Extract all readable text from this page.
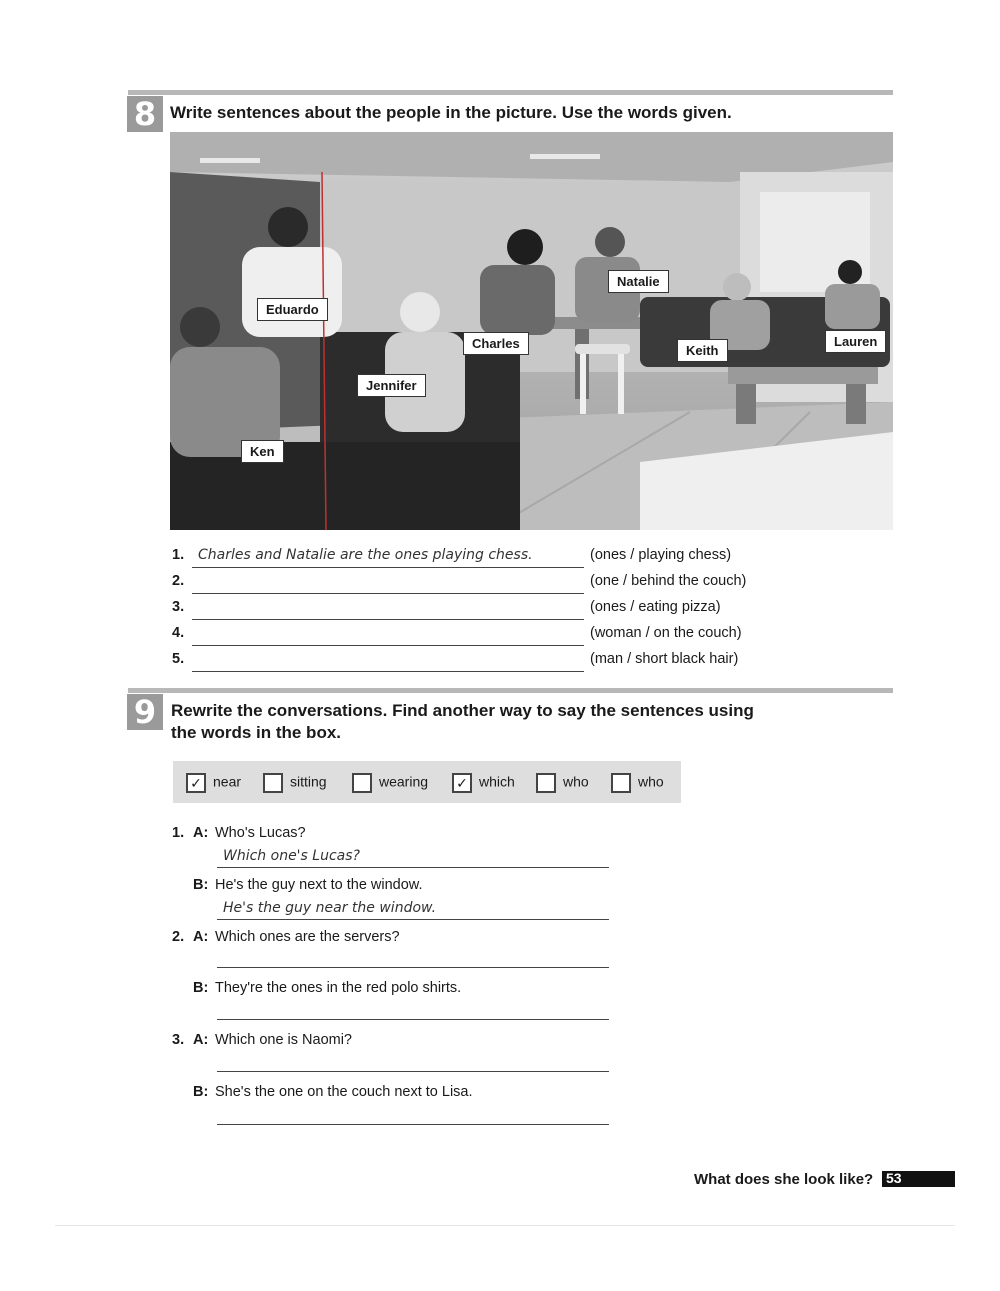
8 Write sentences about the people in the picture. Use the words given.
Eduardo
Natalie
Charles	Keith
Lauren
Jennifer
Ken
1. Charles and Natalie are the ones playing chess.	(ones / playing chess)
2.	(one / behind the couch)
3.	(ones / eating pizza)
4.	(woman / on the couch)
5.	(man / short black hair)
9 Rewrite the conversations. Find another way to say the sentences using
the words in the box.
✓ near	sitting	wearing ✓ which	who	who
1. A: Who's Lucas?
Which one's Lucas?
B: He's the guy next to the window.
He's the guy near the window.
2. A: Which ones are the servers?
B: They're the ones in the red polo shirts.
3. A: Which one is Naomi?
B: She's the one on the couch next to Lisa.
What does she look like? 53
